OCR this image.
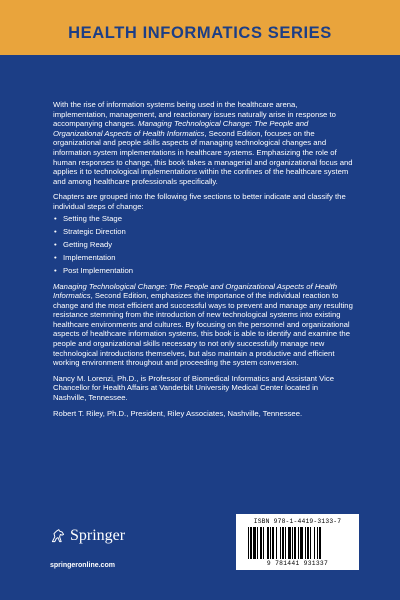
HEALTH INFORMATICS SERIES

With the rise of information systems being used in the healthcare arena, implementation, management, and reactionary issues naturally arise in response to accompanying changes. Managing Technological Change: The People and Organizational Aspects of Health Informatics, Second Edition, focuses on the organizational and people skills aspects of managing technological changes and information system implementations in healthcare systems. Emphasizing the role of human responses to change, this book takes a managerial and organizational focus and applies it to technological implementations within the confines of the healthcare system and among healthcare professionals specifically.

Chapters are grouped into the following five sections to better indicate and classify the individual steps of change:

• Setting the Stage
• Strategic Direction
• Getting Ready
• Implementation
• Post Implementation

Managing Technological Change: The People and Organizational Aspects of Health Informatics, Second Edition, emphasizes the importance of the individual reaction to change and the most efficient and successful ways to prevent and manage any resulting resistance stemming from the introduction of new technological systems into existing healthcare environments and cultures. By focusing on the personnel and organizational aspects of healthcare information systems, this book is able to identify and examine the people and organizational skills necessary to not only successfully manage new technological introductions themselves, but also maintain a productive and efficient working environment throughout and proceeding the system conversion.

Nancy M. Lorenzi, Ph.D., is Professor of Biomedical Informatics and Assistant Vice Chancellor for Health Affairs at Vanderbilt University Medical Center located in Nashville, Tennessee.

Robert T. Riley, Ph.D., President, Riley Associates, Nashville, Tennessee.

Springer
springeronline.com
ISBN 978-1-4419-3133-7
9 781441 931337
